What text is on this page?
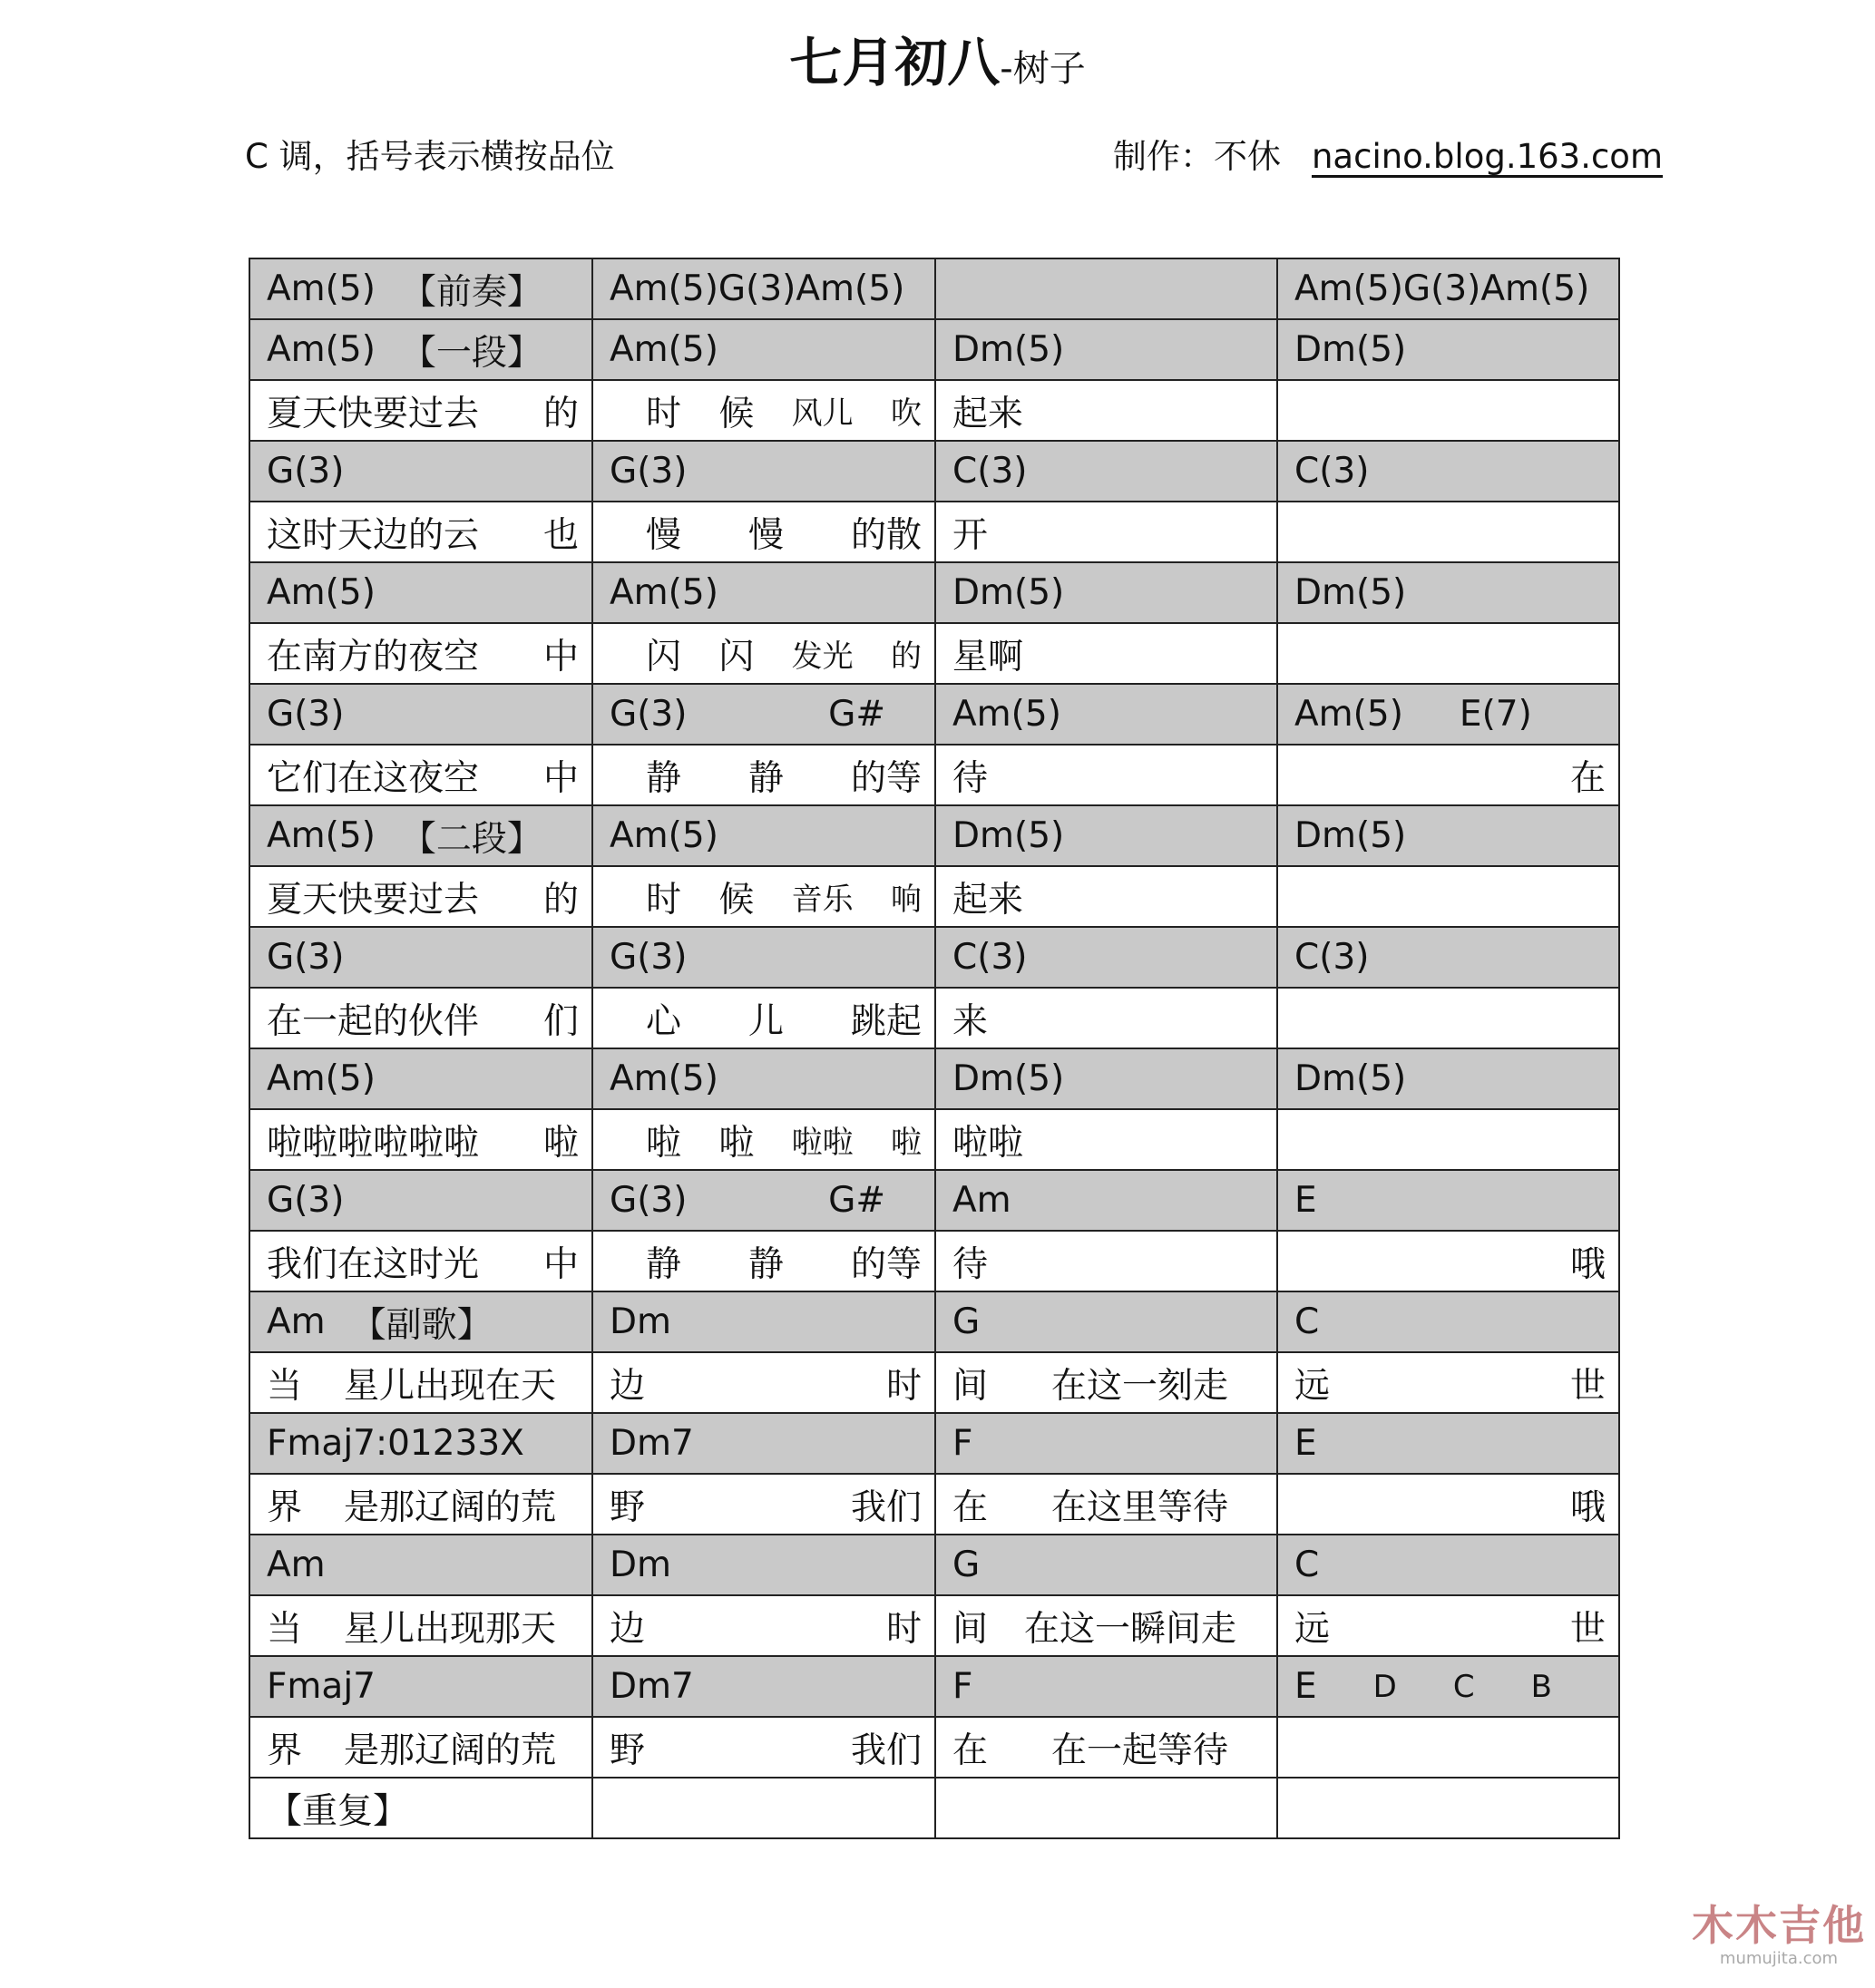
七月初八-树子
C 调，括号表示横按品位	制作：不休 nacino.blog.163.com
Am(5) 【前奏】	Am(5)G(3)Am(5)		Am(5)G(3)Am(5)

Am(5) 【一段】	Am(5)	Dm(5)	Dm(5)

夏天快要过去 的	时 候 风儿 吹	起来	

G(3)	G(3)	C(3)	C(3)

这时天边的云 也	慢 慢 的散	开	

Am(5)	Am(5)	Dm(5)	Dm(5)

在南方的夜空 中	闪 闪 发光 的	星啊	

G(3)	G(3) G#	Am(5)	Am(5) E(7)

它们在这夜空 中	静 静 的等	待	在

Am(5) 【二段】	Am(5)	Dm(5)	Dm(5)

夏天快要过去 的	时 候 音乐 响	起来	

G(3)	G(3)	C(3)	C(3)

在一起的伙伴 们	心 儿 跳起	来	

Am(5)	Am(5)	Dm(5)	Dm(5)

啦啦啦啦啦啦 啦	啦 啦 啦啦 啦	啦啦	

G(3)	G(3) G#	Am	E

我们在这时光 中	静 静 的等	待	哦

Am 【副歌】	Dm	G	C

当 星儿出现在天	边 时	间 在这一刻走	远 世

Fmaj7:01233X	Dm7	F	E

界 是那辽阔的荒	野 我们	在 在这里等待	哦

Am	Dm	G	C

当 星儿出现那天	边 时	间 在这一瞬间走	远 世

Fmaj7	Dm7	F	E D C B

界 是那辽阔的荒	野 我们	在 在一起等待	

【重复】			

木木吉他
mumujita.com
